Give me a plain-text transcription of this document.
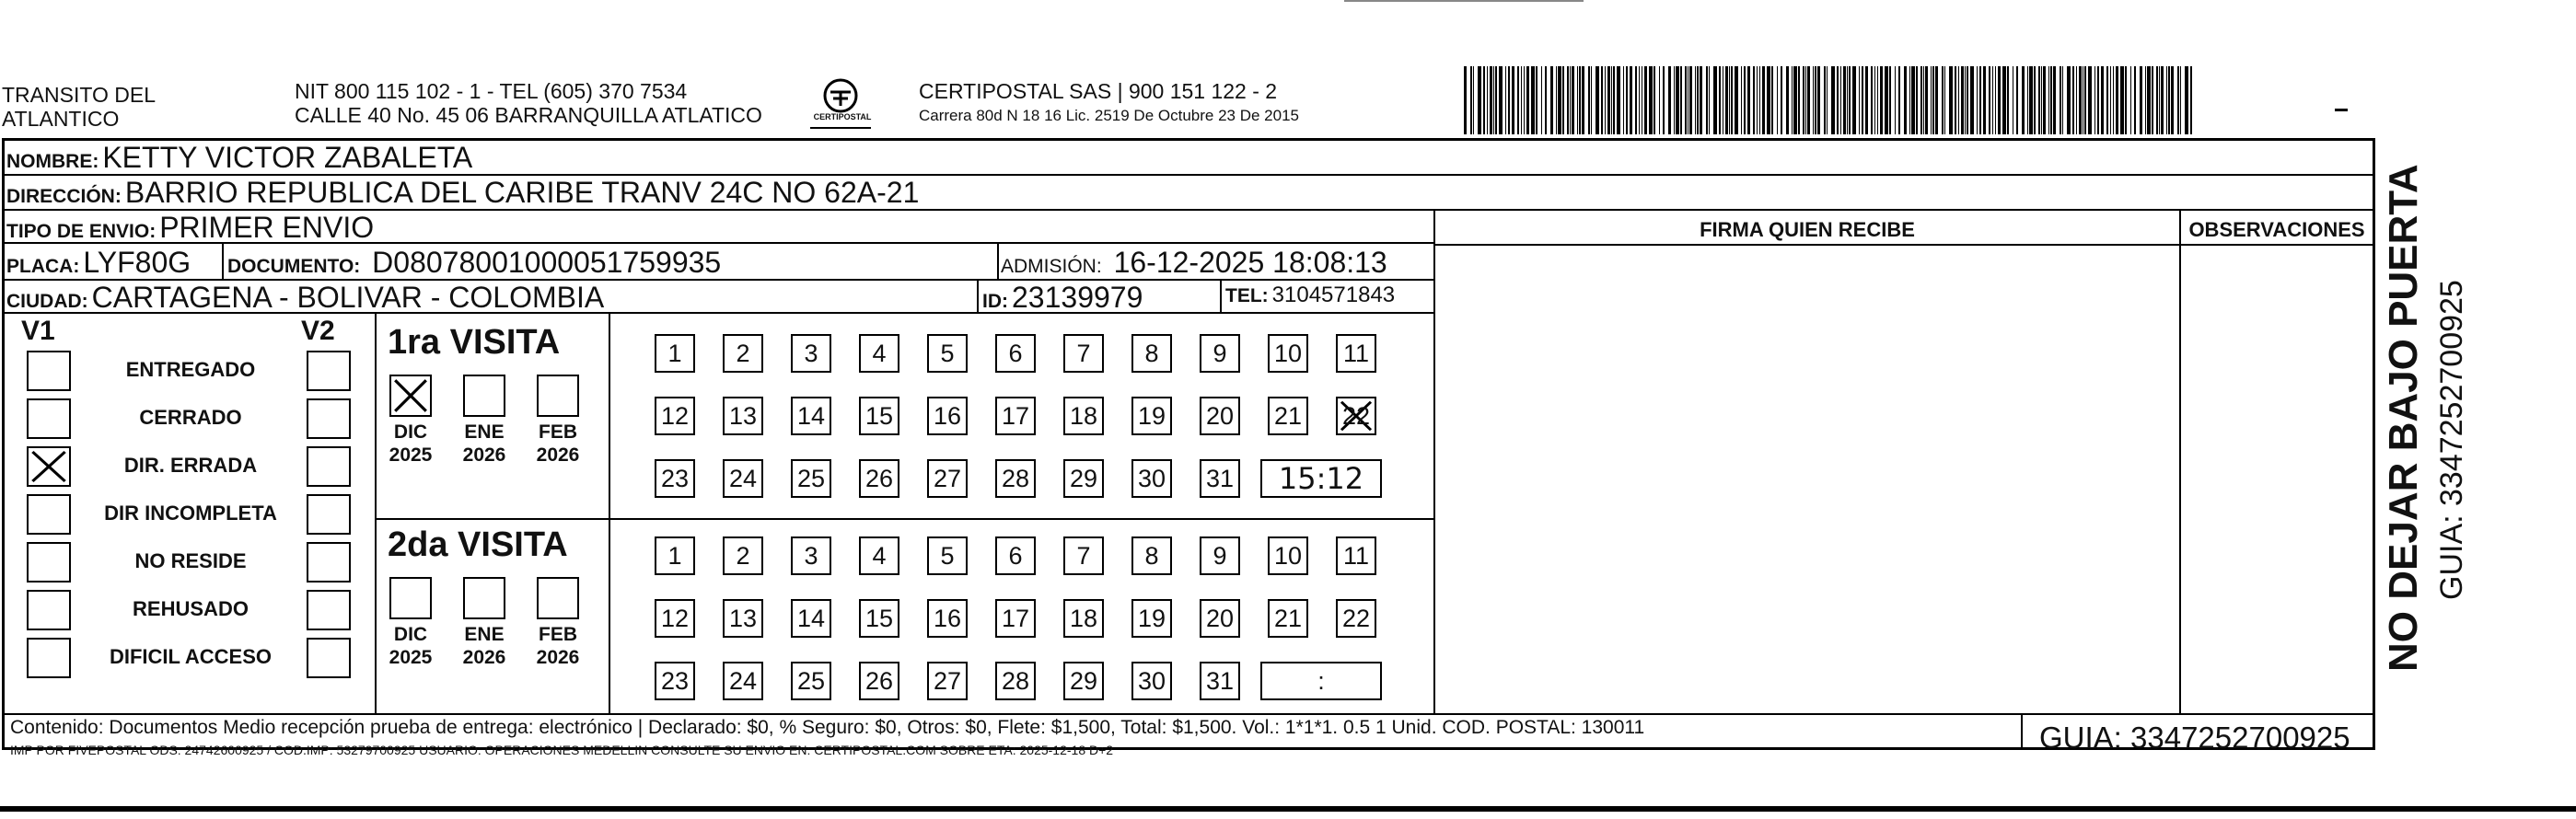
TRANSITO DEL
ATLANTICO
NIT 800 115 102 - 1 - TEL (605) 370 7534
CALLE 40 No. 45 06 BARRANQUILLA ATLATICO	CERTIPOSTAL
CERTIPOSTAL SAS | 900 151 122 - 2
Carrera 80d N 18 16 Lic. 2519 De Octubre 23 De 2015
NOMBRE: KETTY VICTOR ZABALETA
DIRECCIÓN: BARRIO REPUBLICA DEL CARIBE TRANV 24C NO 62A-21
TIPO DE ENVIO: PRIMER ENVIO
PLACA: LYF80G DOCUMENTO: D08078001000051759935	ADMISIÓN: 16-12-2025 18:08:13
CIUDAD: CARTAGENA - BOLIVAR - COLOMBIA	ID: 23139979	TEL: 3104571843
FIRMA QUIEN RECIBE	OBSERVACIONES
V1	V2
ENTREGADO
CERRADO
DIR. ERRADA
DIR INCOMPLETA
NO RESIDE
REHUSADO
DIFICIL ACCESO
1ra VISITA
2da VISITA
DIC
2025
ENE
2026
FEB
2026
DIC
2025
ENE
2026
FEB
2026
1	2	3	4	5	6	7	8	9	10 11
12 13 14 15 16 17 18 19 20 21 22
23 24 25 26 27 28 29 30 31	15:12
1	2	3	4	5	6	7	8	9	10 11
12 13 14 15 16 17 18 19 20 21 22
23 24 25 26 27 28 29 30 31	:
Contenido: Documentos Medio recepción prueba de entrega: electrónico | Declarado: $0, % Seguro: $0, Otros: $0, Flete: $1,500, Total: $1,500. Vol.: 1*1*1. 0.5 1 Unid. COD. POSTAL: 130011
IMP POR FIVEPOSTAL ODS: 24742600925 / COD.IMP: 53279700925 USUARIO: OPERACIONES MEDELLIN CONSULTE SU ENVIO EN: CERTIPOSTAL.COM SOBRE ETA: 2025-12-18 D+2	GUIA: 3347252700925
NO DEJAR BAJO PUERTA GUIA: 3347252700925
